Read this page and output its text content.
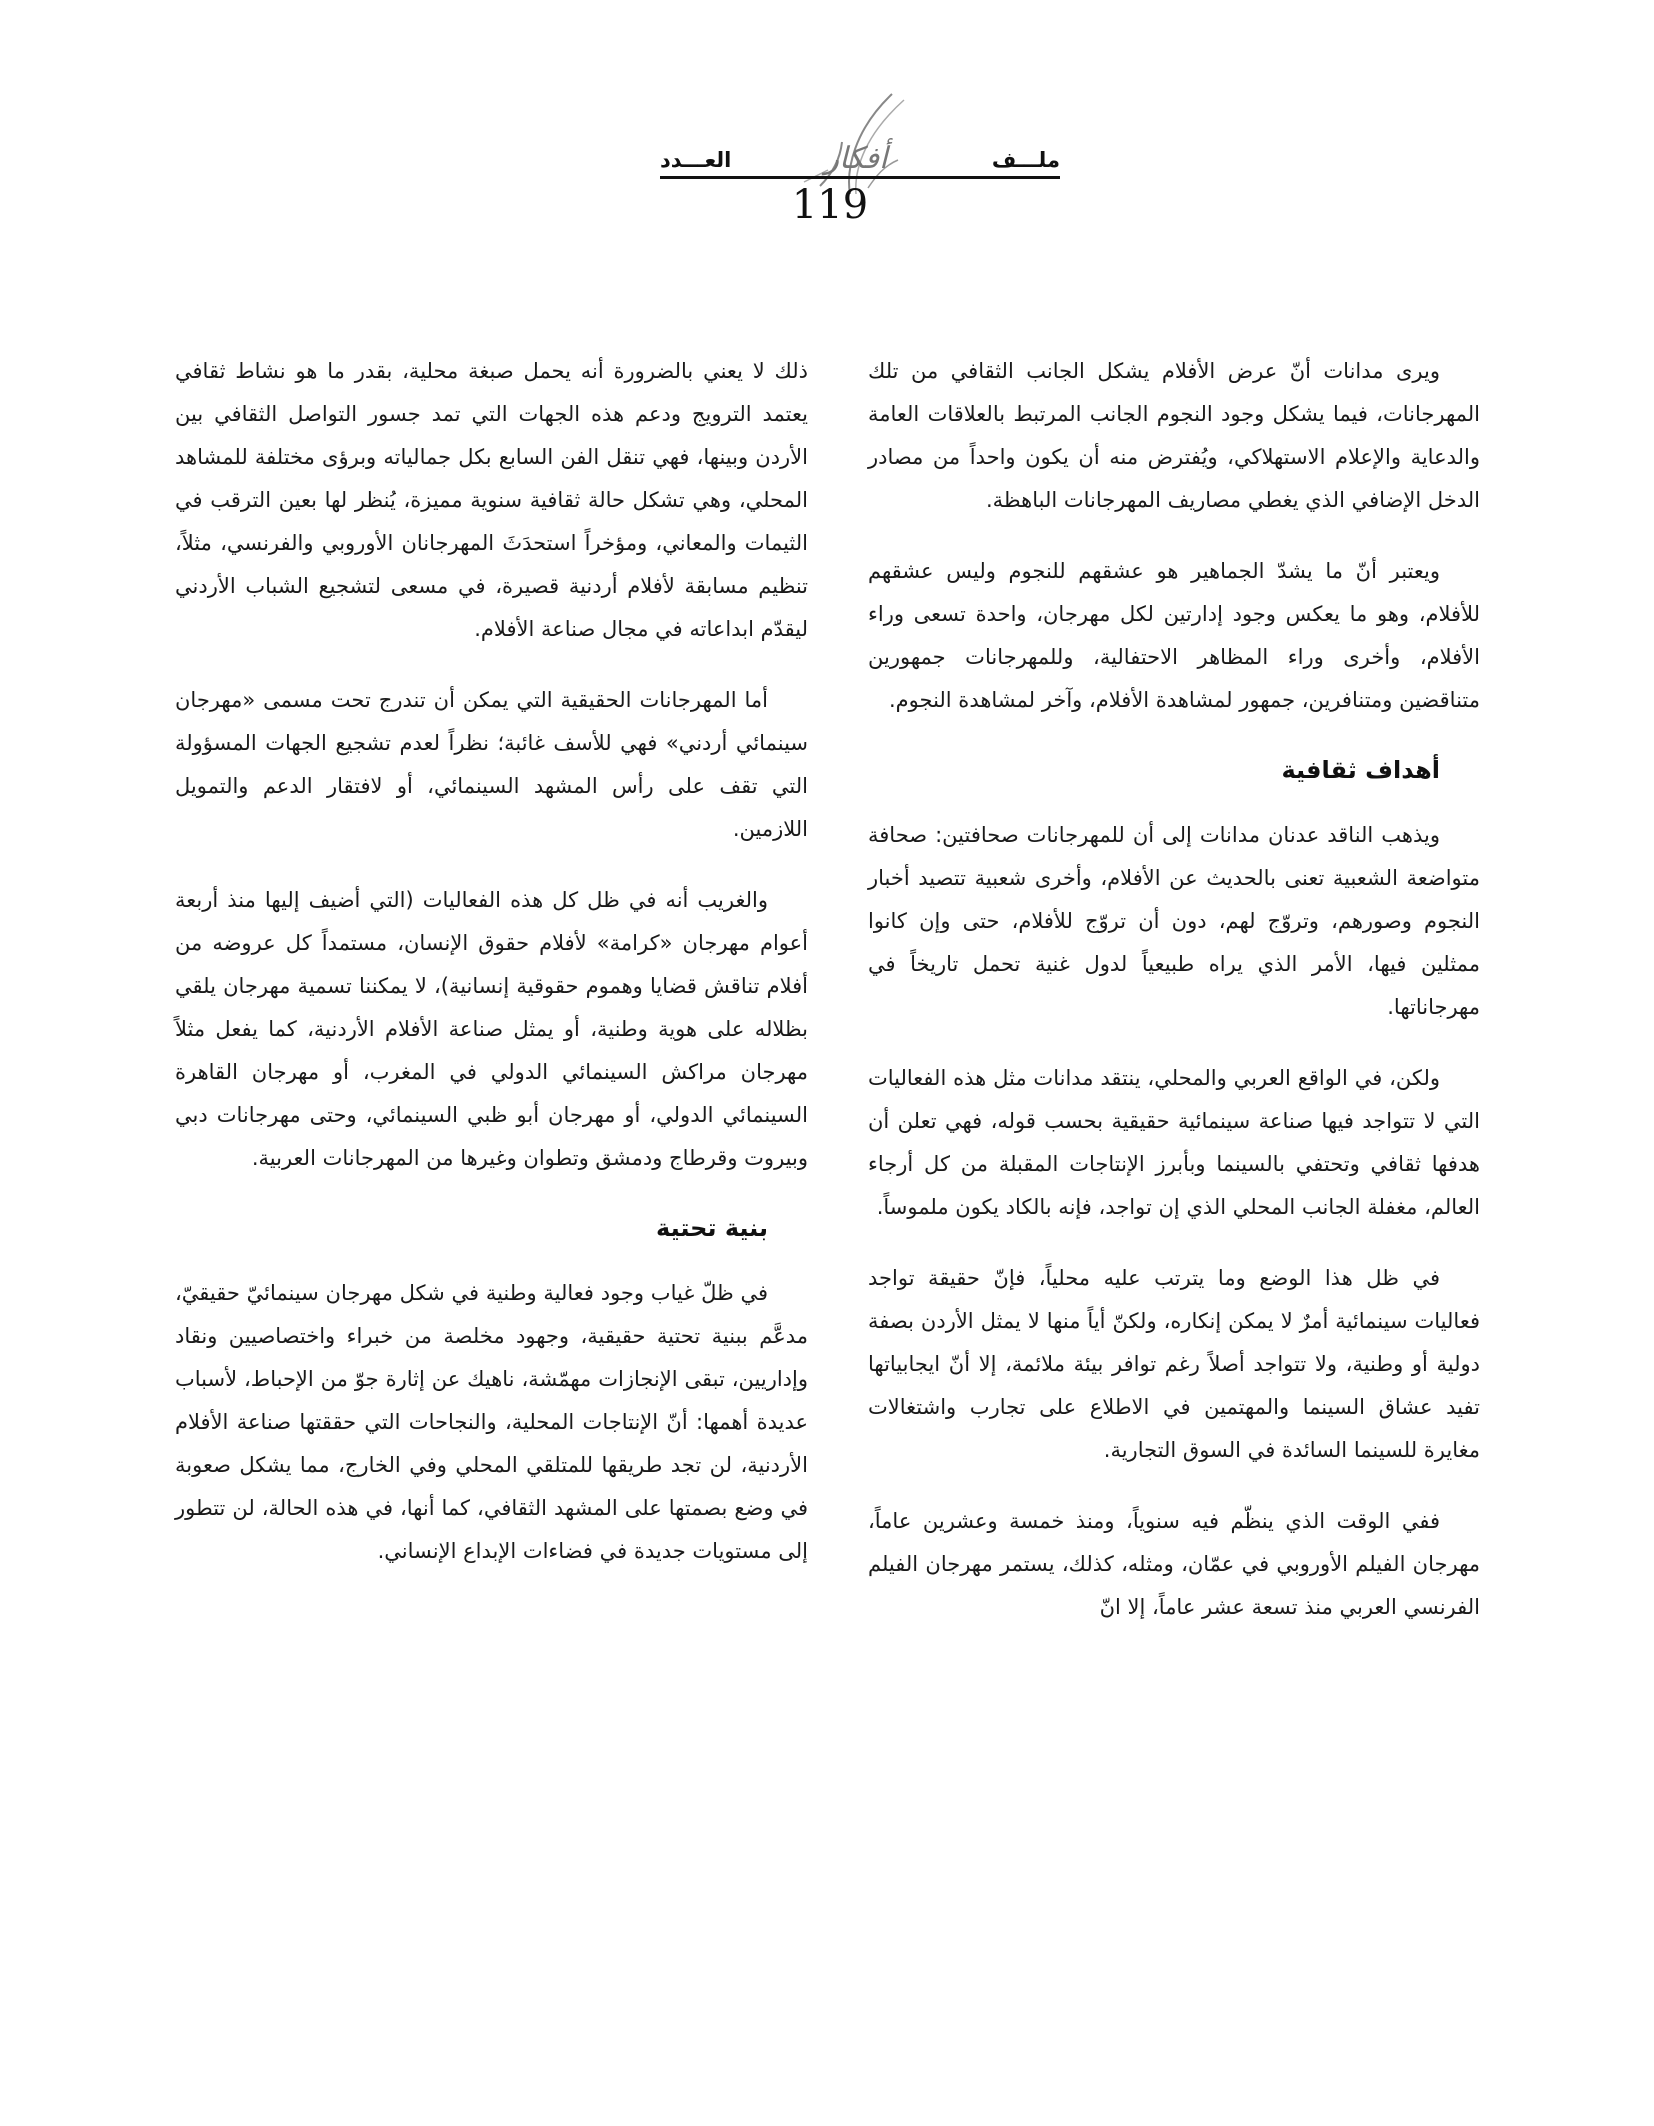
أفكار	ملـــف
العـــدد
119

ويرى مدانات أنّ عرض الأفلام يشكل الجانب الثقافي من تلك المهرجانات، فيما يشكل وجود النجوم الجانب المرتبط بالعلاقات العامة والدعاية والإعلام الاستهلاكي، ويُفترض منه أن يكون واحداً من مصادر الدخل الإضافي الذي يغطي مصاريف المهرجانات الباهظة.

ويعتبر أنّ ما يشدّ الجماهير هو عشقهم للنجوم وليس عشقهم للأفلام، وهو ما يعكس وجود إدارتين لكل مهرجان، واحدة تسعى وراء الأفلام، وأخرى وراء المظاهر الاحتفالية، وللمهرجانات جمهورين متناقضين ومتنافرين، جمهور لمشاهدة الأفلام، وآخر لمشاهدة النجوم.

أهداف ثقافية

ويذهب الناقد عدنان مدانات إلى أن للمهرجانات صحافتين: صحافة متواضعة الشعبية تعنى بالحديث عن الأفلام، وأخرى شعبية تتصيد أخبار النجوم وصورهم، وتروّج لهم، دون أن تروّج للأفلام، حتى وإن كانوا ممثلين فيها، الأمر الذي يراه طبيعياً لدول غنية تحمل تاريخاً في مهرجاناتها.

ولكن، في الواقع العربي والمحلي، ينتقد مدانات مثل هذه الفعاليات التي لا تتواجد فيها صناعة سينمائية حقيقية بحسب قوله، فهي تعلن أن هدفها ثقافي وتحتفي بالسينما وبأبرز الإنتاجات المقبلة من كل أرجاء العالم، مغفلة الجانب المحلي الذي إن تواجد، فإنه بالكاد يكون ملموساً.

في ظل هذا الوضع وما يترتب عليه محلياً، فإنّ حقيقة تواجد فعاليات سينمائية أمرٌ لا يمكن إنكاره، ولكنّ أياً منها لا يمثل الأردن بصفة دولية أو وطنية، ولا تتواجد أصلاً رغم توافر بيئة ملائمة، إلا أنّ ايجابياتها تفيد عشاق السينما والمهتمين في الاطلاع على تجارب واشتغالات مغايرة للسينما السائدة في السوق التجارية.

ففي الوقت الذي ينظّم فيه سنوياً، ومنذ خمسة وعشرين عاماً، مهرجان الفيلم الأوروبي في عمّان، ومثله، كذلك، يستمر مهرجان الفيلم الفرنسي العربي منذ تسعة عشر عاماً، إلا انّ

ذلك لا يعني بالضرورة أنه يحمل صبغة محلية، بقدر ما هو نشاط ثقافي يعتمد الترويج ودعم هذه الجهات التي تمد جسور التواصل الثقافي بين الأردن وبينها، فهي تنقل الفن السابع بكل جمالياته وبرؤى مختلفة للمشاهد المحلي، وهي تشكل حالة ثقافية سنوية مميزة، يُنظر لها بعين الترقب في الثيمات والمعاني، ومؤخراً استحدَثَ المهرجانان الأوروبي والفرنسي، مثلاً، تنظيم مسابقة لأفلام أردنية قصيرة، في مسعى لتشجيع الشباب الأردني ليقدّم ابداعاته في مجال صناعة الأفلام.

أما المهرجانات الحقيقية التي يمكن أن تندرج تحت مسمى «مهرجان سينمائي أردني» فهي للأسف غائبة؛ نظراً لعدم تشجيع الجهات المسؤولة التي تقف على رأس المشهد السينمائي، أو لافتقار الدعم والتمويل اللازمين.

والغريب أنه في ظل كل هذه الفعاليات (التي أضيف إليها منذ أربعة أعوام مهرجان «كرامة» لأفلام حقوق الإنسان، مستمداً كل عروضه من أفلام تناقش قضايا وهموم حقوقية إنسانية)، لا يمكننا تسمية مهرجان يلقي بظلاله على هوية وطنية، أو يمثل صناعة الأفلام الأردنية، كما يفعل مثلاً مهرجان مراكش السينمائي الدولي في المغرب، أو مهرجان القاهرة السينمائي الدولي، أو مهرجان أبو ظبي السينمائي، وحتى مهرجانات دبي وبيروت وقرطاج ودمشق وتطوان وغيرها من المهرجانات العربية.

بنية تحتية

في ظلّ غياب وجود فعالية وطنية في شكل مهرجان سينمائيّ حقيقيّ، مدعَّم ببنية تحتية حقيقية، وجهود مخلصة من خبراء واختصاصيين ونقاد وإداريين، تبقى الإنجازات مهمّشة، ناهيك عن إثارة جوّ من الإحباط، لأسباب عديدة أهمها: أنّ الإنتاجات المحلية، والنجاحات التي حققتها صناعة الأفلام الأردنية، لن تجد طريقها للمتلقي المحلي وفي الخارج، مما يشكل صعوبة في وضع بصمتها على المشهد الثقافي، كما أنها، في هذه الحالة، لن تتطور إلى مستويات جديدة في فضاءات الإبداع الإنساني.
